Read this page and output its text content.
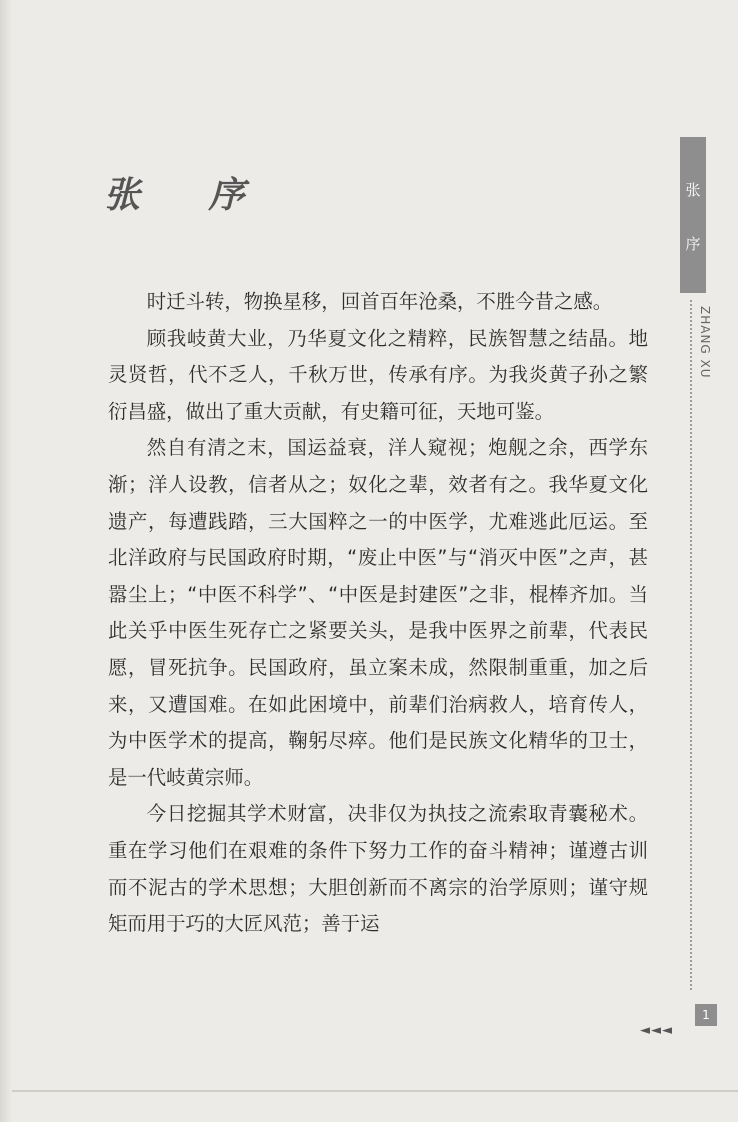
张 序

时迁斗转，物换星移，回首百年沧桑，不胜今昔之感。

顾我岐黄大业，乃华夏文化之精粹，民族智慧之结晶。地灵贤哲，代不乏人，千秋万世，传承有序。为我炎黄子孙之繁衍昌盛，做出了重大贡献，有史籍可征，天地可鉴。

然自有清之末，国运益衰，洋人窥视；炮舰之余，西学东渐；洋人设教，信者从之；奴化之辈，效者有之。我华夏文化遗产，每遭践踏，三大国粹之一的中医学，尤难逃此厄运。至北洋政府与民国政府时期，“废止中医”与“消灭中医”之声，甚嚣尘上；“中医不科学”、“中医是封建医”之非，棍棒齐加。当此关乎中医生死存亡之紧要关头，是我中医界之前辈，代表民愿，冒死抗争。民国政府，虽立案未成，然限制重重，加之后来，又遭国难。在如此困境中，前辈们治病救人，培育传人，为中医学术的提高，鞠躬尽瘁。他们是民族文化精华的卫士，是一代岐黄宗师。

今日挖掘其学术财富，决非仅为执技之流索取青囊秘术。重在学习他们在艰难的条件下努力工作的奋斗精神；谨遵古训而不泥古的学术思想；大胆创新而不离宗的治学原则；谨守规矩而用于巧的大匠风范；善于运

张
序
ZHANG XU
1
◄◄◄
